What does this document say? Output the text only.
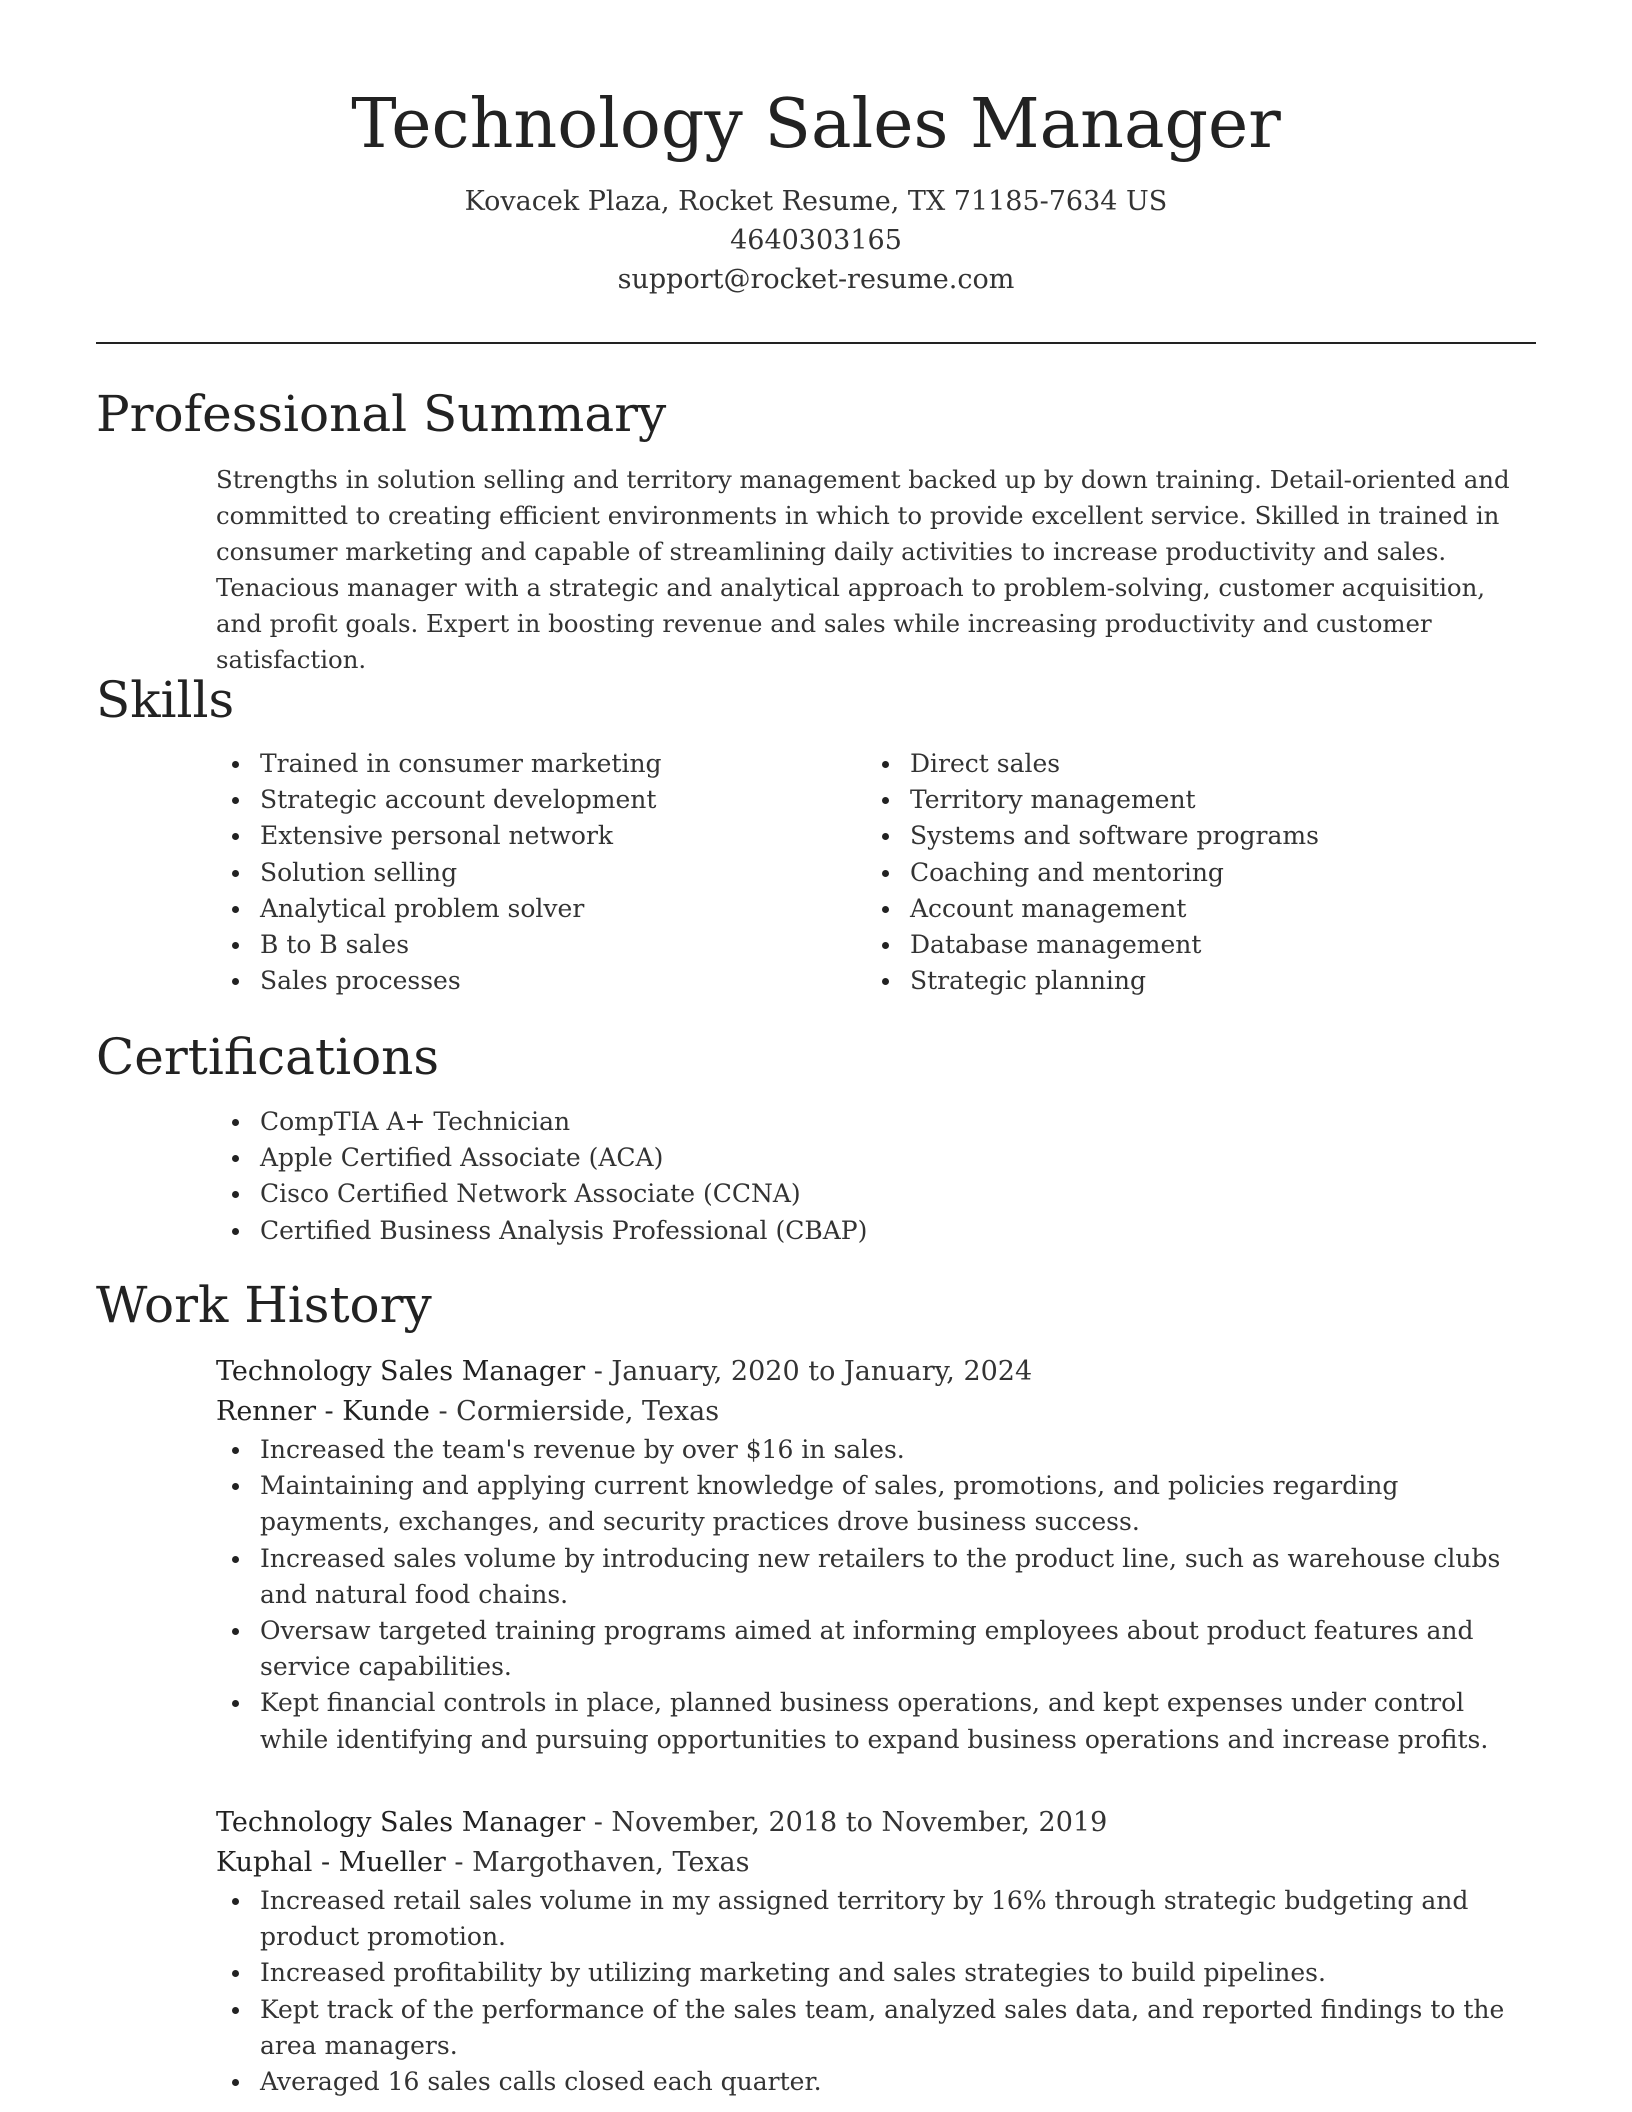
Technology Sales Manager
Kovacek Plaza, Rocket Resume, TX 71185-7634 US
4640303165
support@rocket-resume.com
Professional Summary

Strengths in solution selling and territory management backed up by down training. Detail-oriented and committed to creating efficient environments in which to provide excellent service. Skilled in trained in consumer marketing and capable of streamlining daily activities to increase productivity and sales. Tenacious manager with a strategic and analytical approach to problem-solving, customer acquisition, and profit goals. Expert in boosting revenue and sales while increasing productivity and customer satisfaction.

Skills
Trained in consumer marketing
Strategic account development
Extensive personal network
Solution selling
Analytical problem solver
B to B sales
Sales processes
Direct sales
Territory management
Systems and software programs
Coaching and mentoring
Account management
Database management
Strategic planning
Certifications
CompTIA A+ Technician
Apple Certified Associate (ACA)
Cisco Certified Network Associate (CCNA)
Certified Business Analysis Professional (CBAP)
Work History
Technology Sales Manager - January, 2020 to January, 2024
Renner - Kunde - Cormierside, Texas
Increased the team's revenue by over $16 in sales.
Maintaining and applying current knowledge of sales, promotions, and policies regarding payments, exchanges, and security practices drove business success.
Increased sales volume by introducing new retailers to the product line, such as warehouse clubs and natural food chains.
Oversaw targeted training programs aimed at informing employees about product features and service capabilities.
Kept financial controls in place, planned business operations, and kept expenses under control while identifying and pursuing opportunities to expand business operations and increase profits.
Technology Sales Manager - November, 2018 to November, 2019
Kuphal - Mueller - Margothaven, Texas
Increased retail sales volume in my assigned territory by 16% through strategic budgeting and product promotion.
Increased profitability by utilizing marketing and sales strategies to build pipelines.
Kept track of the performance of the sales team, analyzed sales data, and reported findings to the area managers.
Averaged 16 sales calls closed each quarter.
